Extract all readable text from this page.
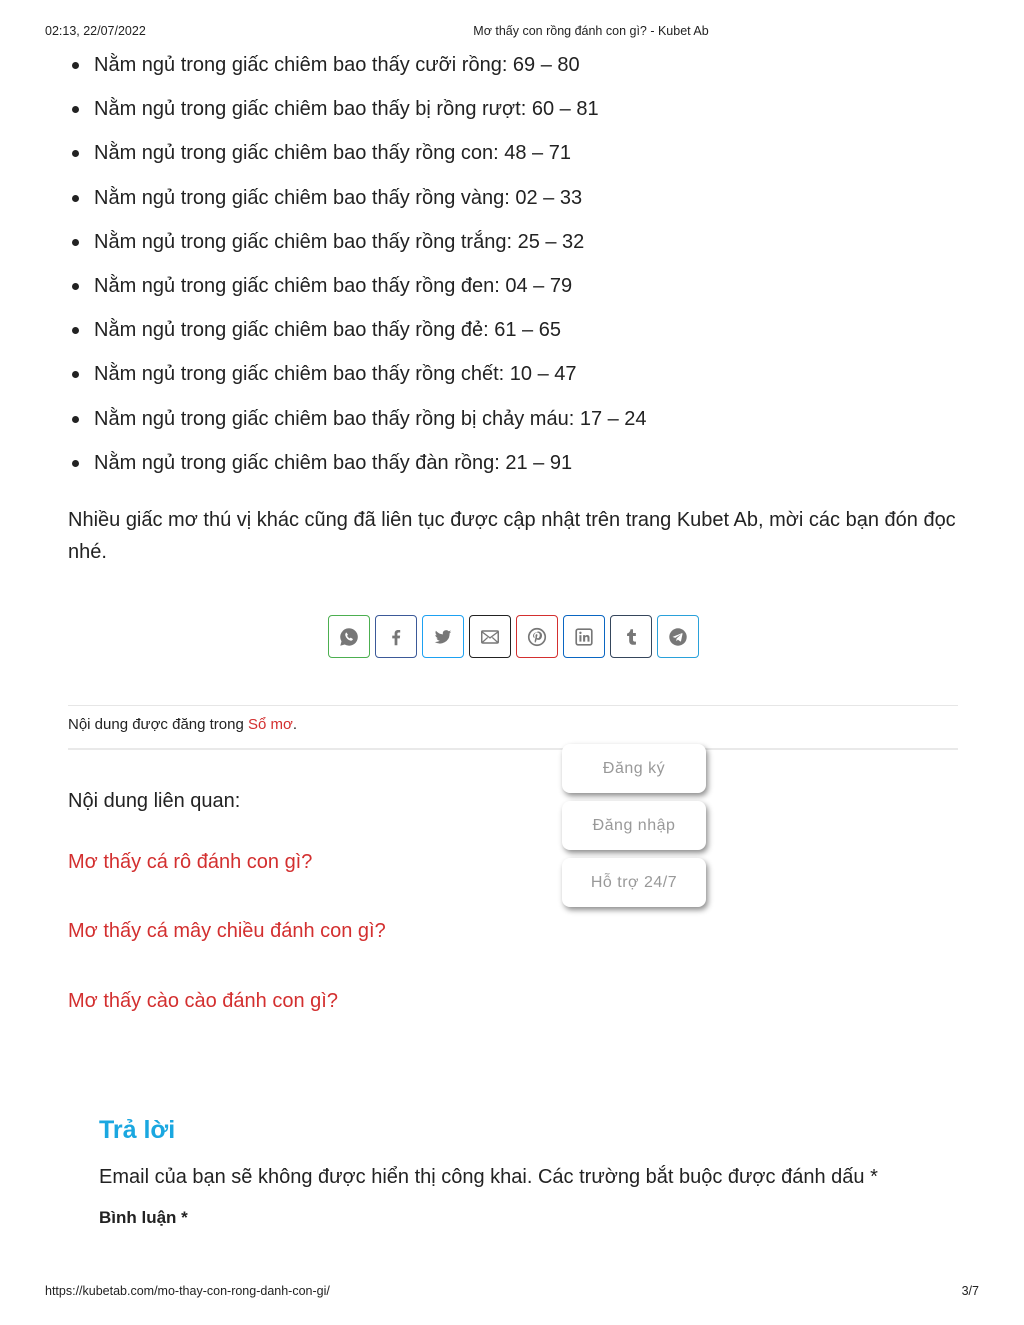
02:13, 22/07/2022	Mơ thấy con rồng đánh con gì? - Kubet Ab
Nằm ngủ trong giấc chiêm bao thấy cưỡi rồng: 69 – 80
Nằm ngủ trong giấc chiêm bao thấy bị rồng rượt: 60 – 81
Nằm ngủ trong giấc chiêm bao thấy rồng con: 48 – 71
Nằm ngủ trong giấc chiêm bao thấy rồng vàng: 02 – 33
Nằm ngủ trong giấc chiêm bao thấy rồng trắng: 25 – 32
Nằm ngủ trong giấc chiêm bao thấy rồng đen: 04 – 79
Nằm ngủ trong giấc chiêm bao thấy rồng đẻ: 61 – 65
Nằm ngủ trong giấc chiêm bao thấy rồng chết: 10 – 47
Nằm ngủ trong giấc chiêm bao thấy rồng bị chảy máu: 17 – 24
Nằm ngủ trong giấc chiêm bao thấy đàn rồng: 21 – 91

Nhiều giấc mơ thú vị khác cũng đã liên tục được cập nhật trên trang Kubet Ab, mời các bạn đón đọc nhé.

Nội dung được đăng trong Sổ mơ.
Nội dung liên quan:
Mơ thấy cá rô đánh con gì?
Mơ thấy cá mây chiều đánh con gì?
Mơ thấy cào cào đánh con gì?
Đăng ký
Đăng nhập
Hỗ trợ 24/7
Trả lời
Email của bạn sẽ không được hiển thị công khai. Các trường bắt buộc được đánh dấu *
Bình luận *
https://kubetab.com/mo-thay-con-rong-danh-con-gi/	3/7
